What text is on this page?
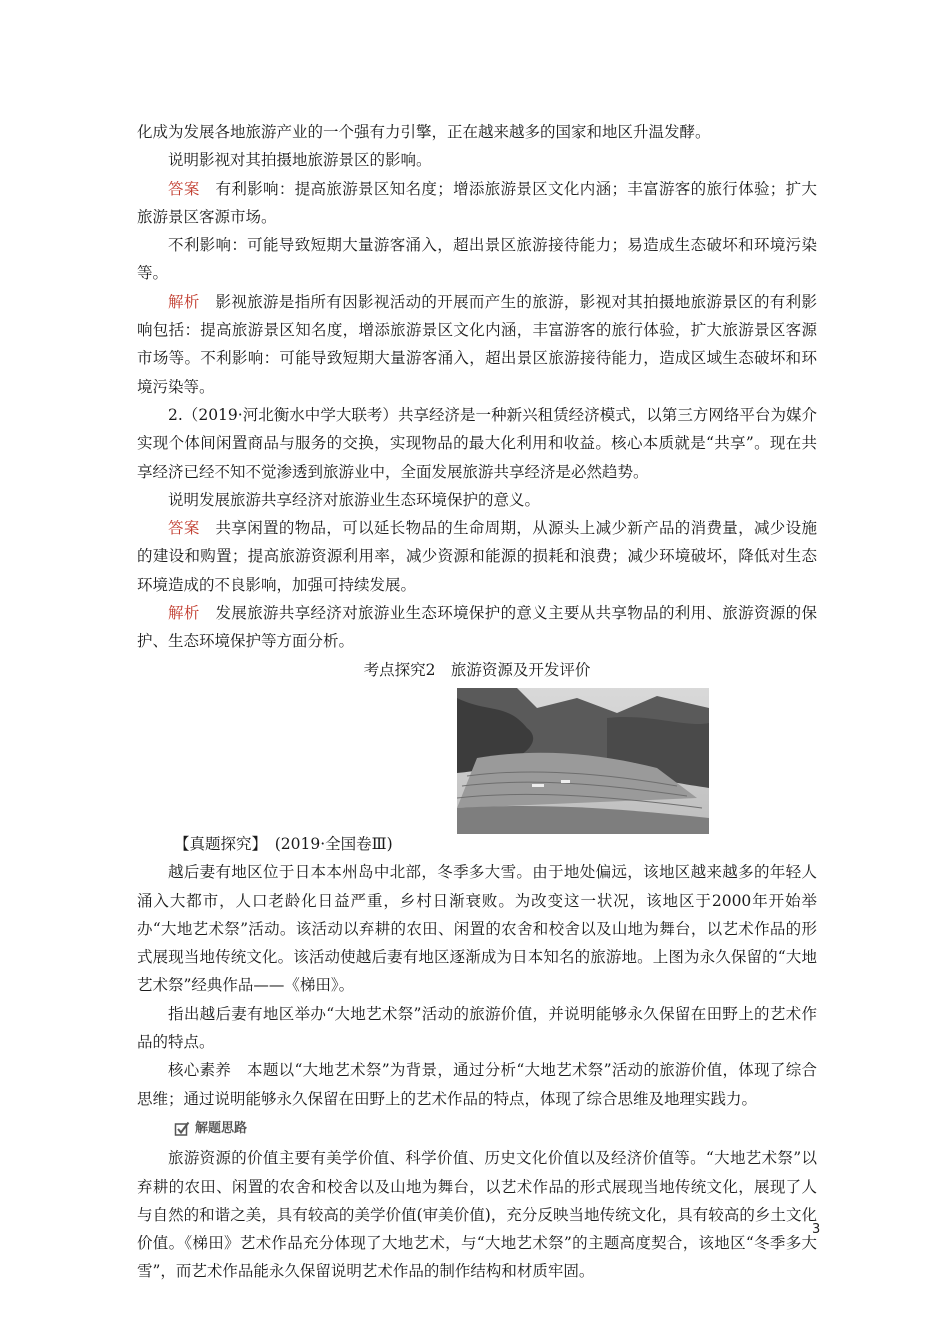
化成为发展各地旅游产业的一个强有力引擎，正在越来越多的国家和地区升温发酵。

说明影视对其拍摄地旅游景区的影响。

答案　 有利影响：提高旅游景区知名度；增添旅游景区文化内涵；丰富游客的旅行体验；扩大旅游景区客源市场。

不利影响：可能导致短期大量游客涌入，超出景区旅游接待能力；易造成生态破坏和环境污染等。

解析　 影视旅游是指所有因影视活动的开展而产生的旅游，影视对其拍摄地旅游景区的有利影响包括：提高旅游景区知名度，增添旅游景区文化内涵，丰富游客的旅行体验，扩大旅游景区客源市场等。不利影响：可能导致短期大量游客涌入，超出景区旅游接待能力，造成区域生态破坏和环境污染等。

2.（2019·河北衡水中学大联考）共享经济是一种新兴租赁经济模式，以第三方网络平台为媒介实现个体间闲置商品与服务的交换，实现物品的最大化利用和收益。核心本质就是“共享”。现在共享经济已经不知不觉渗透到旅游业中，全面发展旅游共享经济是必然趋势。

说明发展旅游共享经济对旅游业生态环境保护的意义。

答案　 共享闲置的物品，可以延长物品的生命周期，从源头上减少新产品的消费量，减少设施的建设和购置；提高旅游资源利用率，减少资源和能源的损耗和浪费；减少环境破坏，降低对生态环境造成的不良影响，加强可持续发展。

解析　 发展旅游共享经济对旅游业生态环境保护的意义主要从共享物品的利用、旅游资源的保护、生态环境保护等方面分析。

考点探究2　旅游资源及开发评价

【真题探究】　(2019·全国卷Ⅲ)

越后妻有地区位于日本本州岛中北部，冬季多大雪。由于地处偏远，该地区越来越多的年轻人涌入大都市，人口老龄化日益严重，乡村日渐衰败。为改变这一状况，该地区于2000年开始举办“大地艺术祭”活动。该活动以弃耕的农田、闲置的农舍和校舍以及山地为舞台，以艺术作品的形式展现当地传统文化。该活动使越后妻有地区逐渐成为日本知名的旅游地。上图为永久保留的“大地艺术祭”经典作品——《梯田》。

指出越后妻有地区举办“大地艺术祭”活动的旅游价值，并说明能够永久保留在田野上的艺术作品的特点。

核心素养　本题以“大地艺术祭”为背景，通过分析“大地艺术祭”活动的旅游价值，体现了综合思维；通过说明能够永久保留在田野上的艺术作品的特点，体现了综合思维及地理实践力。

解题思路

旅游资源的价值主要有美学价值、科学价值、历史文化价值以及经济价值等。“大地艺术祭”以弃耕的农田、闲置的农舍和校舍以及山地为舞台，以艺术作品的形式展现当地传统文化，展现了人与自然的和谐之美，具有较高的美学价值(审美价值)，充分反映当地传统文化，具有较高的乡土文化价值。《梯田》艺术作品充分体现了大地艺术，与“大地艺术祭”的主题高度契合，该地区“冬季多大雪”，而艺术作品能永久保留说明艺术作品的制作结构和材质牢固。

3
